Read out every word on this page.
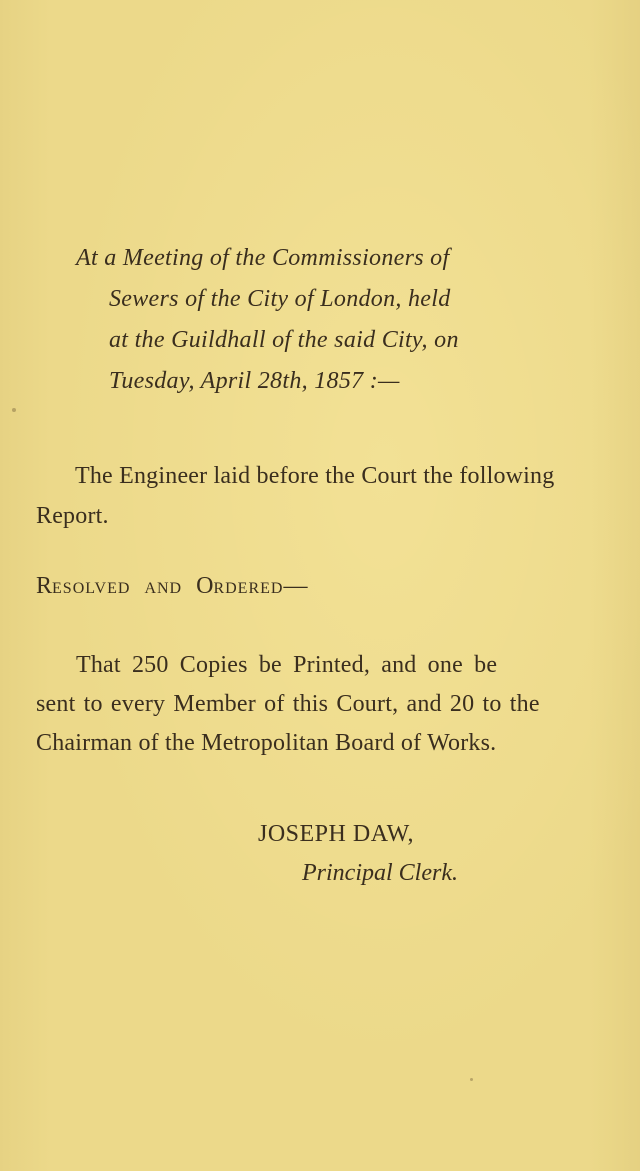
At a Meeting of the Commissioners of
Sewers of the City of London, held
at the Guildhall of the said City, on
Tuesday, April 28th, 1857 :—
The Engineer laid before the Court the following
Report.
RESOLVED AND ORDERED—
That 250 Copies be Printed, and one be
sent to every Member of this Court, and 20 to the
Chairman of the Metropolitan Board of Works.
JOSEPH DAW,
Principal Clerk.
